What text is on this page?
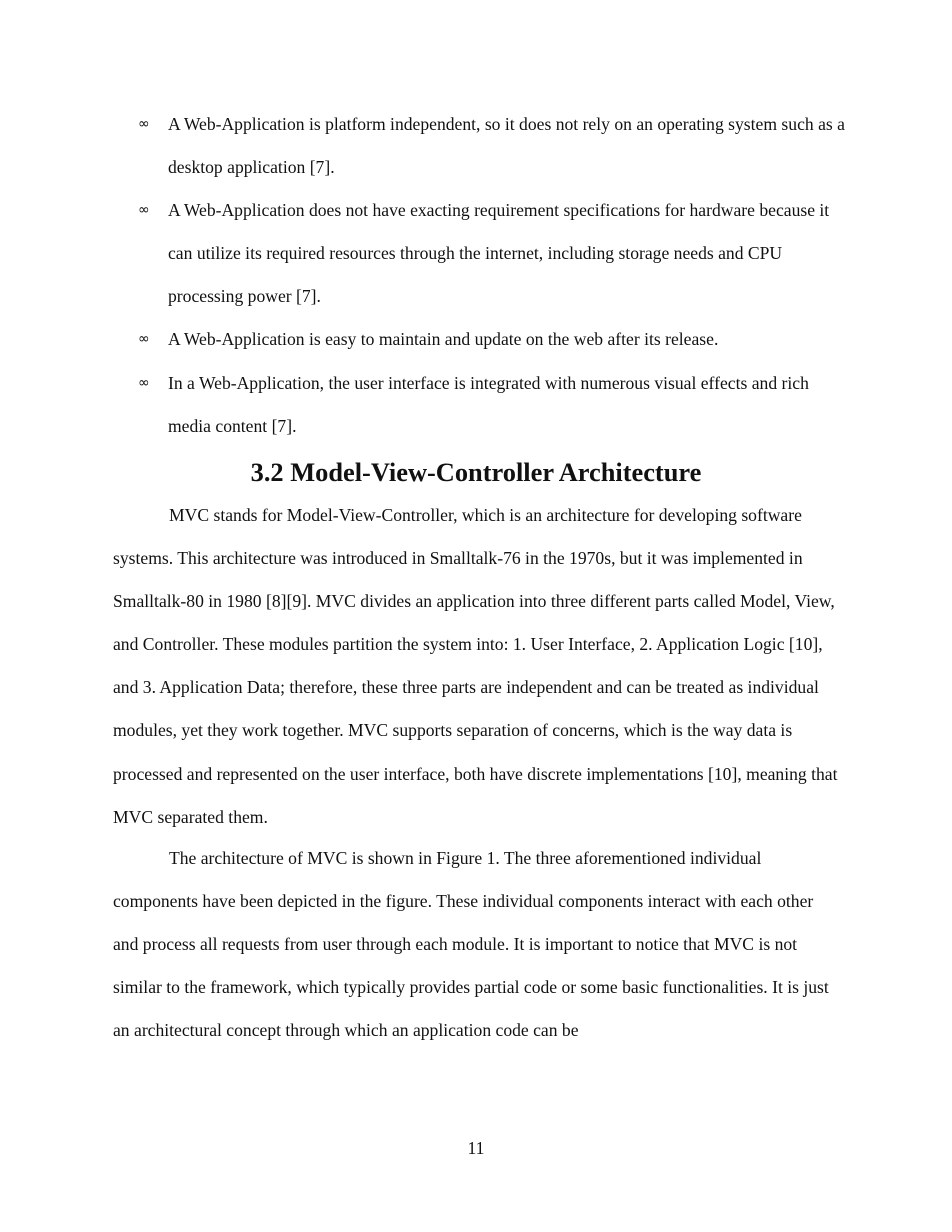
∞ A Web-Application is platform independent, so it does not rely on an operating system such as a desktop application [7].
∞ A Web-Application does not have exacting requirement specifications for hardware because it can utilize its required resources through the internet, including storage needs and CPU processing power [7].
∞ A Web-Application is easy to maintain and update on the web after its release.
∞ In a Web-Application, the user interface is integrated with numerous visual effects and rich media content [7].
3.2 Model-View-Controller Architecture

MVC stands for Model-View-Controller, which is an architecture for developing software systems. This architecture was introduced in Smalltalk-76 in the 1970s, but it was implemented in Smalltalk-80 in 1980 [8][9]. MVC divides an application into three different parts called Model, View, and Controller. These modules partition the system into: 1. User Interface, 2. Application Logic [10], and 3. Application Data; therefore, these three parts are independent and can be treated as individual modules, yet they work together. MVC supports separation of concerns, which is the way data is processed and represented on the user interface, both have discrete implementations [10], meaning that MVC separated them.

The architecture of MVC is shown in Figure 1. The three aforementioned individual components have been depicted in the figure. These individual components interact with each other and process all requests from user through each module. It is important to notice that MVC is not similar to the framework, which typically provides partial code or some basic functionalities. It is just an architectural concept through which an application code can be

11
